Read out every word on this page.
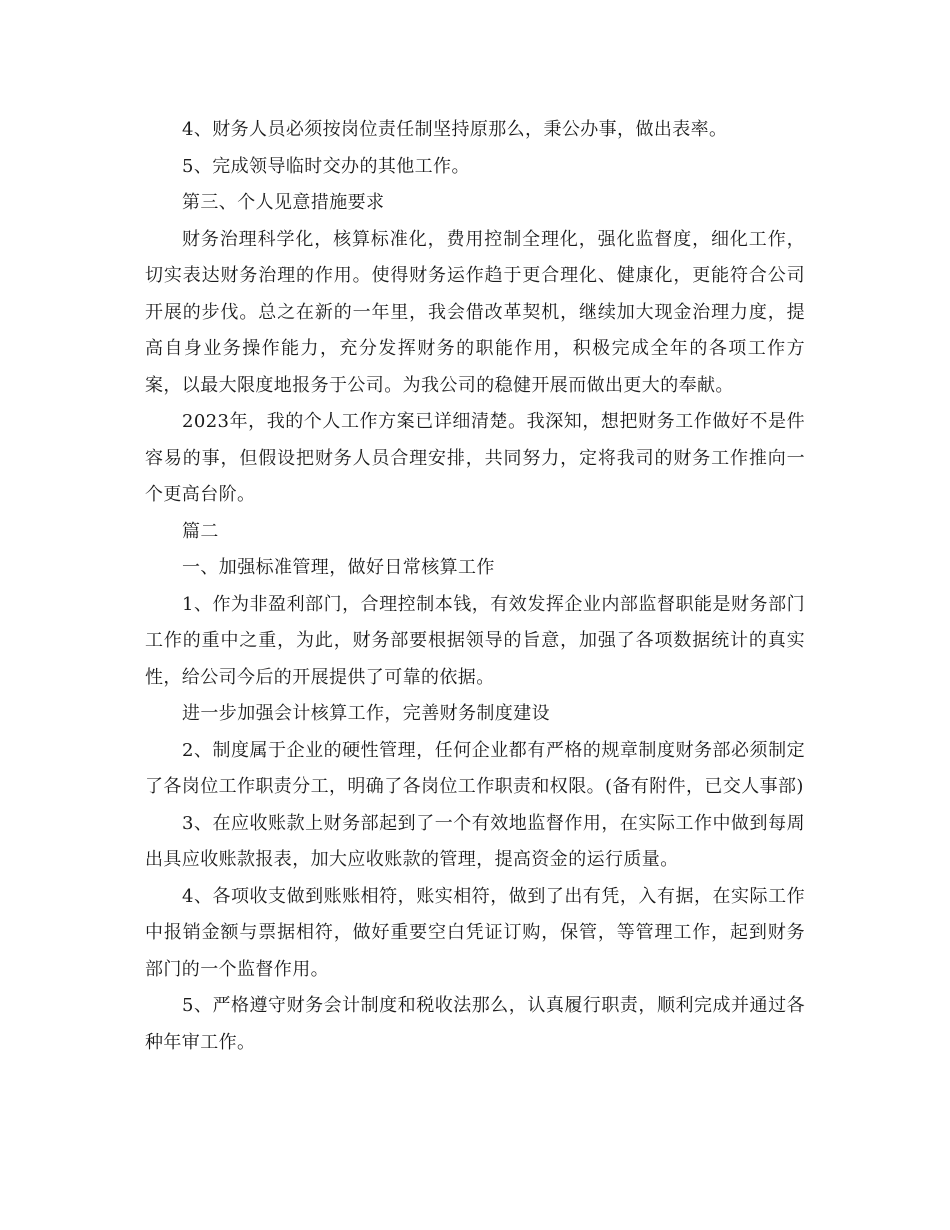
4、财务人员必须按岗位责任制坚持原那么，秉公办事，做出表率。

5、完成领导临时交办的其他工作。

第三、个人见意措施要求

财务治理科学化，核算标准化，费用控制全理化，强化监督度，细化工作，切实表达财务治理的作用。使得财务运作趋于更合理化、健康化，更能符合公司开展的步伐。总之在新的一年里，我会借改革契机，继续加大现金治理力度，提高自身业务操作能力，充分发挥财务的职能作用，积极完成全年的各项工作方案，以最大限度地报务于公司。为我公司的稳健开展而做出更大的奉献。

2023年，我的个人工作方案已详细清楚。我深知，想把财务工作做好不是件容易的事，但假设把财务人员合理安排，共同努力，定将我司的财务工作推向一个更高台阶。

篇二

一、加强标准管理，做好日常核算工作

1、作为非盈利部门，合理控制本钱，有效发挥企业内部监督职能是财务部门工作的重中之重，为此，财务部要根据领导的旨意，加强了各项数据统计的真实性，给公司今后的开展提供了可靠的依据。

进一步加强会计核算工作，完善财务制度建设

2、制度属于企业的硬性管理，任何企业都有严格的规章制度财务部必须制定了各岗位工作职责分工，明确了各岗位工作职责和权限。(备有附件，已交人事部)

3、在应收账款上财务部起到了一个有效地监督作用，在实际工作中做到每周出具应收账款报表，加大应收账款的管理，提高资金的运行质量。

4、各项收支做到账账相符，账实相符，做到了出有凭，入有据，在实际工作中报销金额与票据相符，做好重要空白凭证订购，保管，等管理工作，起到财务部门的一个监督作用。

5、严格遵守财务会计制度和税收法那么，认真履行职责，顺利完成并通过各种年审工作。
